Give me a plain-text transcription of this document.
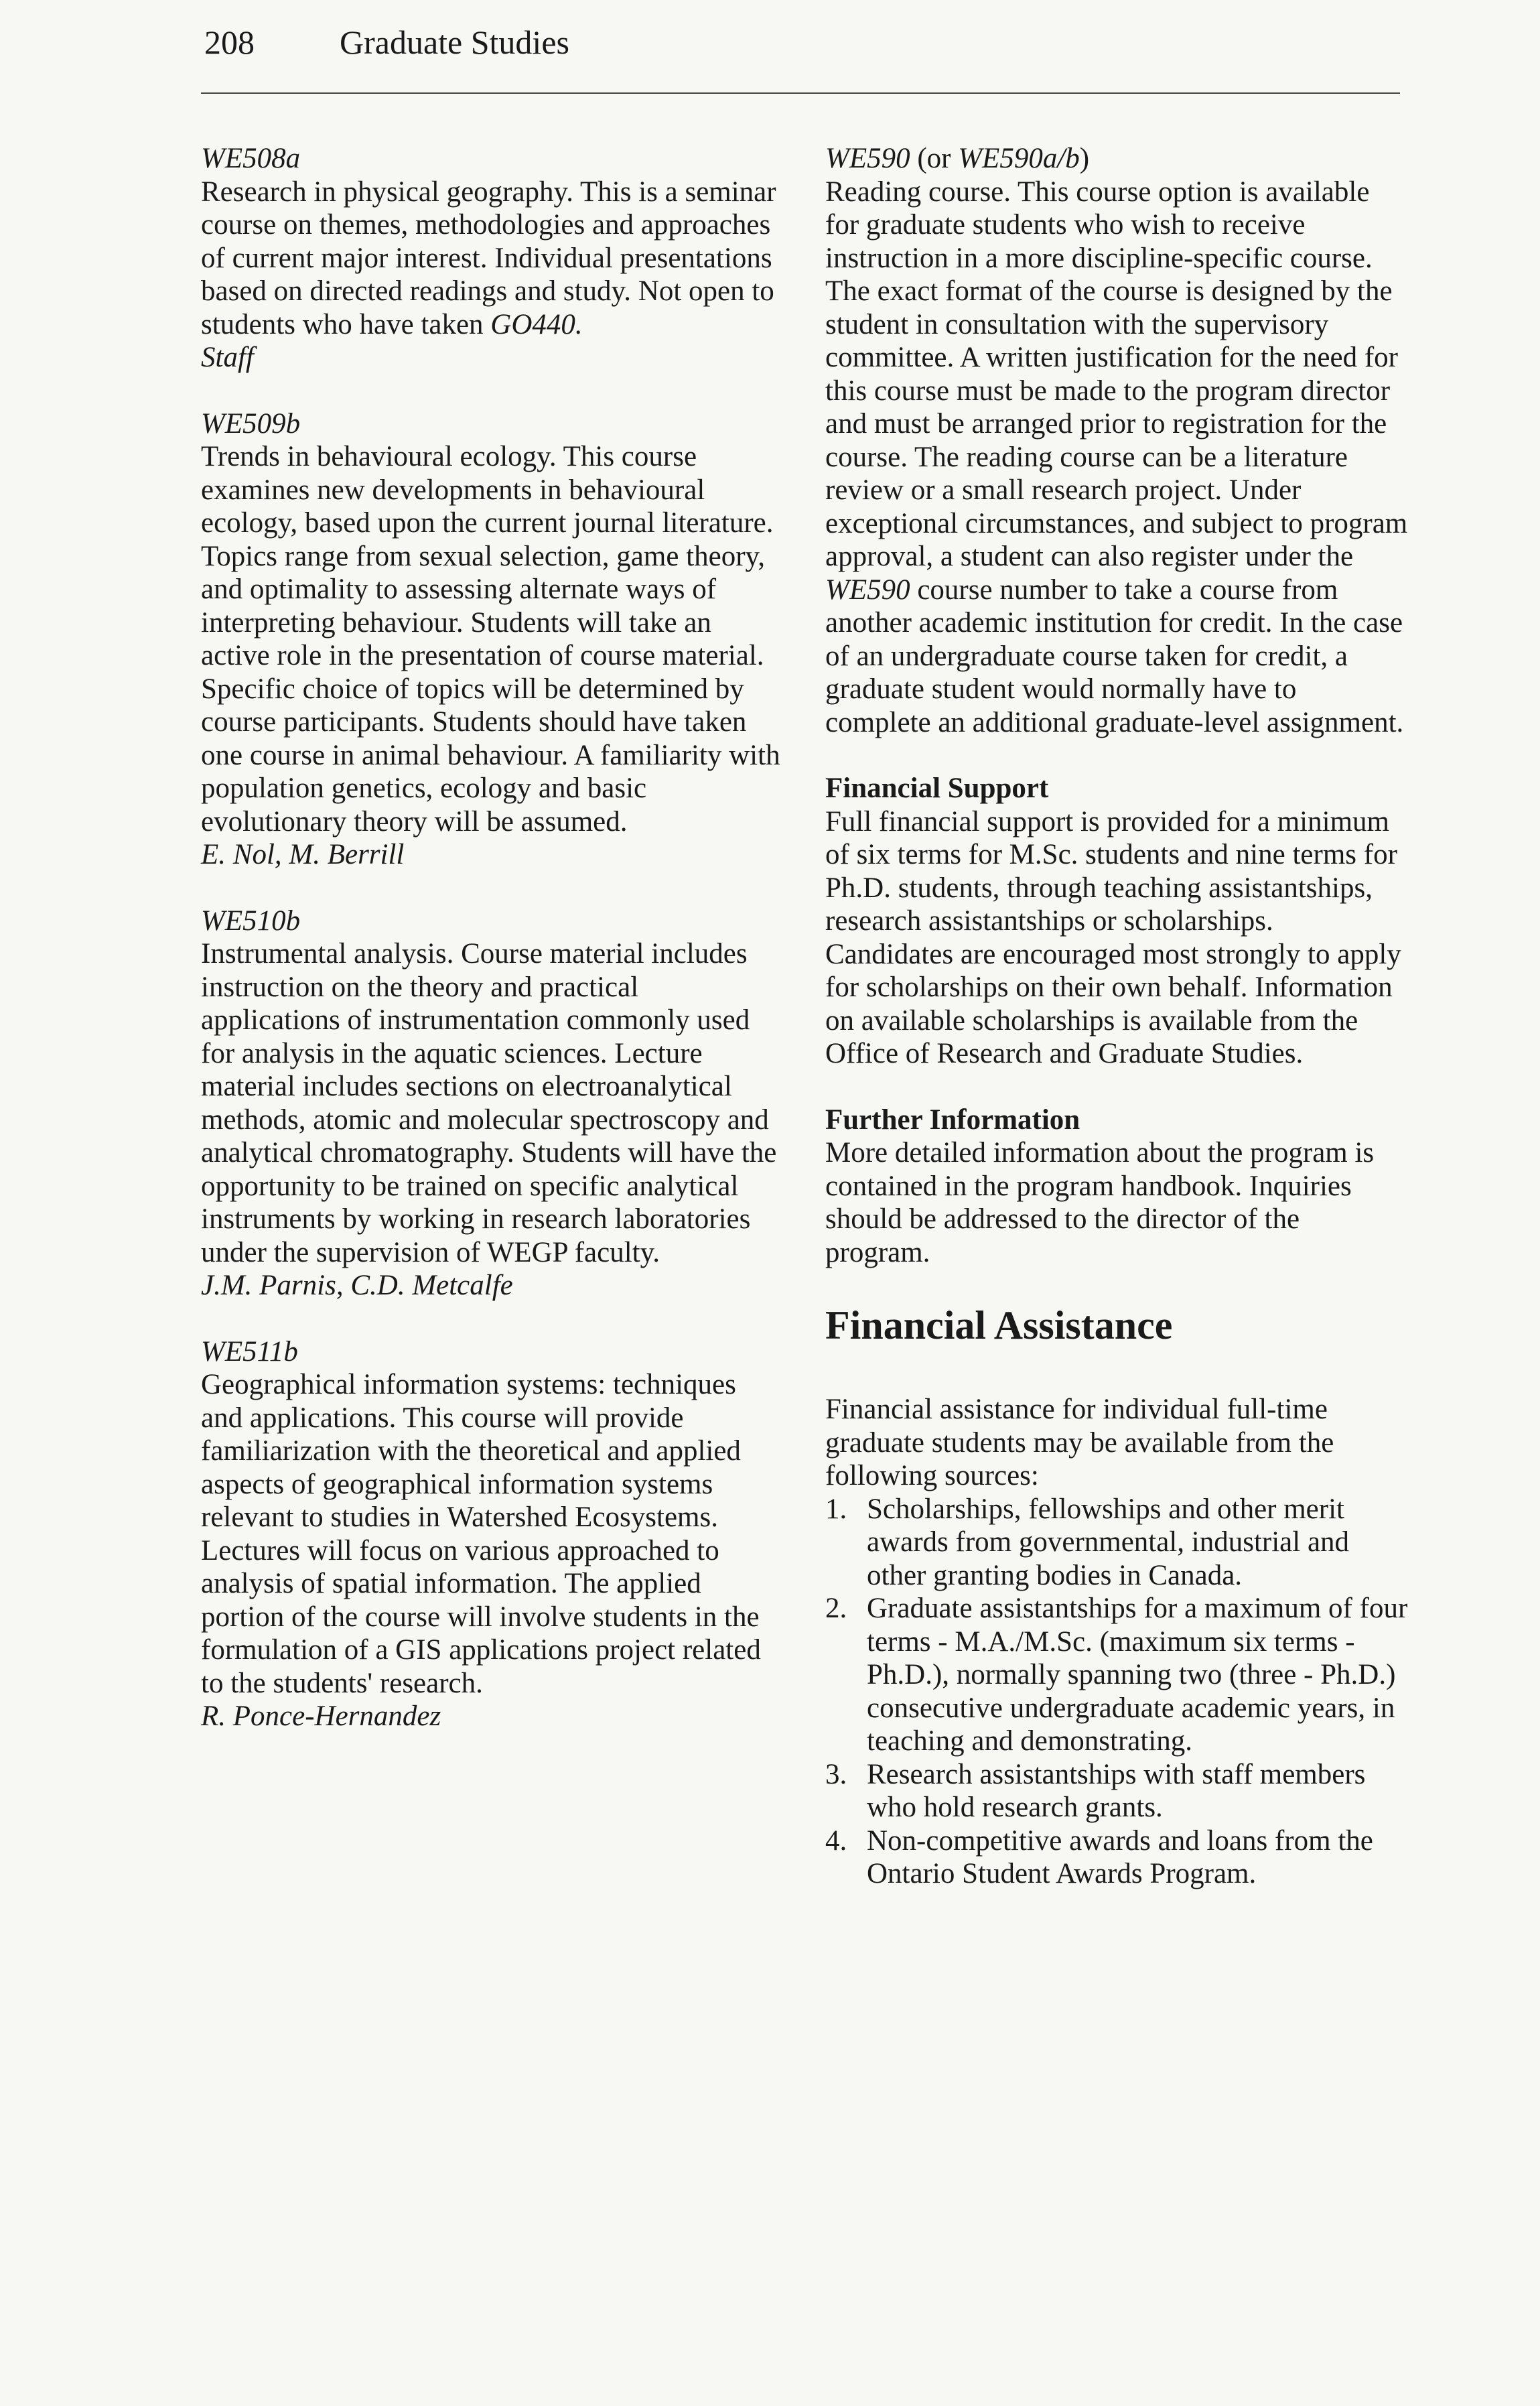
208	Graduate Studies
WE508a
Research in physical geography. This is a seminar course on themes, methodologies and approaches of current major interest. Individual presentations based on directed readings and study. Not open to students who have taken GO440.
Staff
WE509b
Trends in behavioural ecology. This course examines new developments in behavioural ecology, based upon the current journal literature. Topics range from sexual selection, game theory, and optimality to assessing alternate ways of interpreting behaviour. Students will take an active role in the presentation of course material. Specific choice of topics will be determined by course participants. Students should have taken one course in animal behaviour. A familiarity with population genetics, ecology and basic evolutionary theory will be assumed.
E. Nol, M. Berrill
WE510b
Instrumental analysis. Course material includes instruction on the theory and practical applications of instrumentation commonly used for analysis in the aquatic sciences. Lecture material includes sections on electroanalytical methods, atomic and molecular spectroscopy and analytical chromatography. Students will have the opportunity to be trained on specific analytical instruments by working in research laboratories under the supervision of WEGP faculty.
J.M. Parnis, C.D. Metcalfe
WE511b
Geographical information systems: techniques and applications. This course will provide familiarization with the theoretical and applied aspects of geographical information systems relevant to studies in Watershed Ecosystems. Lectures will focus on various approached to analysis of spatial information. The applied portion of the course will involve students in the formulation of a GIS applications project related to the students' research.
R. Ponce-Hernandez
WE590 (or WE590a/b)
Reading course. This course option is available for graduate students who wish to receive instruction in a more discipline-specific course. The exact format of the course is designed by the student in consultation with the supervisory committee. A written justification for the need for this course must be made to the program director and must be arranged prior to registration for the course. The reading course can be a literature review or a small research project. Under exceptional circumstances, and subject to program approval, a student can also register under the WE590 course number to take a course from another academic institution for credit. In the case of an undergraduate course taken for credit, a graduate student would normally have to complete an additional graduate-level assignment.
Financial Support
Full financial support is provided for a minimum of six terms for M.Sc. students and nine terms for Ph.D. students, through teaching assistantships, research assistantships or scholarships. Candidates are encouraged most strongly to apply for scholarships on their own behalf. Information on available scholarships is available from the Office of Research and Graduate Studies.
Further Information
More detailed information about the program is contained in the program handbook. Inquiries should be addressed to the director of the program.
Financial Assistance
Financial assistance for individual full-time graduate students may be available from the following sources:
1. Scholarships, fellowships and other merit awards from governmental, industrial and other granting bodies in Canada.
2. Graduate assistantships for a maximum of four terms - M.A./M.Sc. (maximum six terms - Ph.D.), normally spanning two (three - Ph.D.) consecutive undergraduate academic years, in teaching and demonstrating.
3. Research assistantships with staff members who hold research grants.
4. Non-competitive awards and loans from the Ontario Student Awards Program.
